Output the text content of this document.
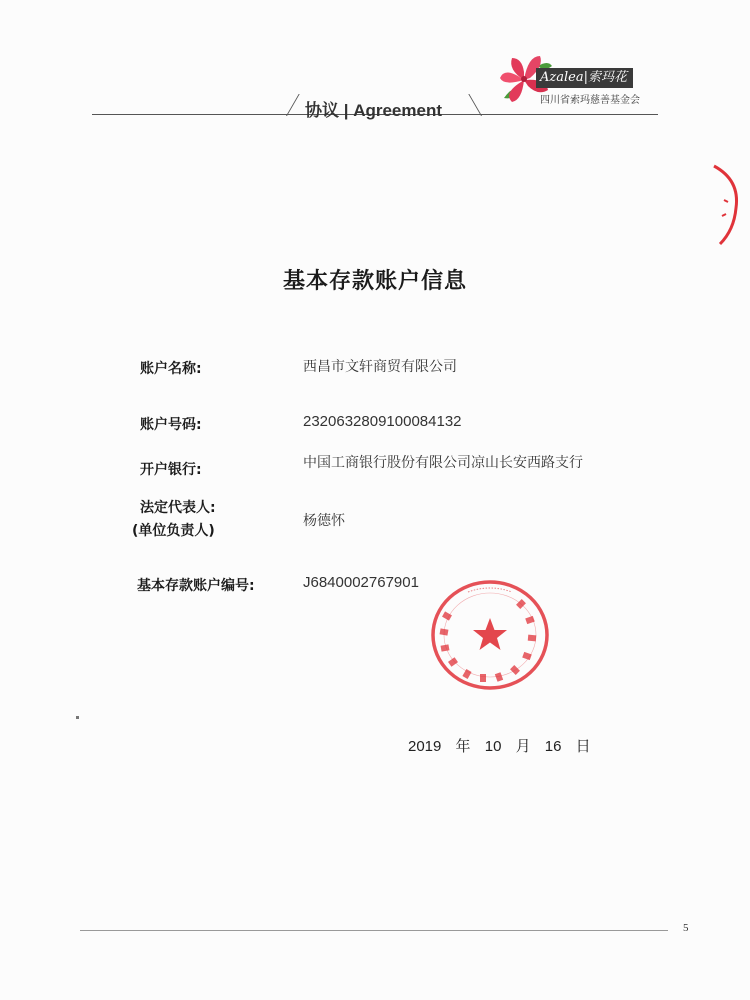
Azalea|索玛花
四川省索玛慈善基金会
协议 | Agreement
基本存款账户信息
账户名称:	西昌市文轩商贸有限公司
账户号码:	2320632809100084132
开户银行:	中国工商银行股份有限公司凉山长安西路支行
法定代表人:
(单位负责人)
杨德怀
基本存款账户编号:	J6840002767901
2019 年 10 月 16 日
5
